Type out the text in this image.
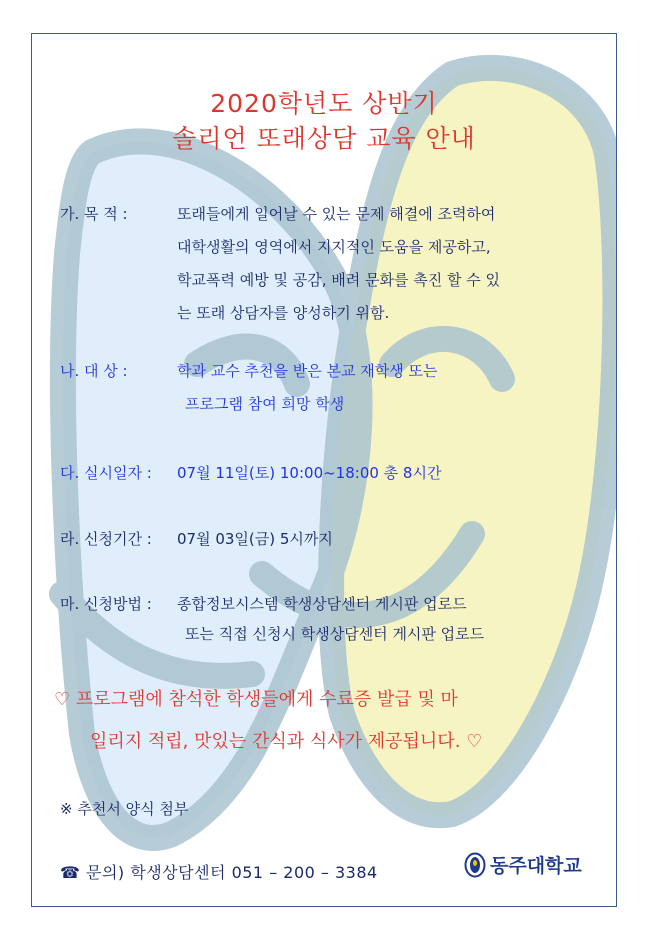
2020학년도 상반기
솔리언 또래상담 교육 안내
가. 목 적 :	또래들에게 일어날 수 있는 문제 해결에 조력하여
대학생활의 영역에서 지지적인 도움을 제공하고,
학교폭력 예방 및 공감, 배려 문화를 촉진 할 수 있
는 또래 상담자를 양성하기 위함.
나. 대 상 :	학과 교수 추천을 받은 본교 재학생 또는
프로그램 참여 희망 학생
다. 실시일자 : 07월 11일(토) 10:00~18:00 총 8시간
라. 신청기간 : 07월 03일(금) 5시까지
마. 신청방법 : 종합정보시스템 학생상담센터 게시판 업로드
또는 직접 신청시 학생상담센터 게시판 업로드
♡ 프로그램에 참석한 학생들에게 수료증 발급 및 마
일리지 적립, 맛있는 간식과 식사가 제공됩니다. ♡
※ 추천서 양식 첨부
☎ 문의) 학생상담센터 051 – 200 – 3384	동주대학교
